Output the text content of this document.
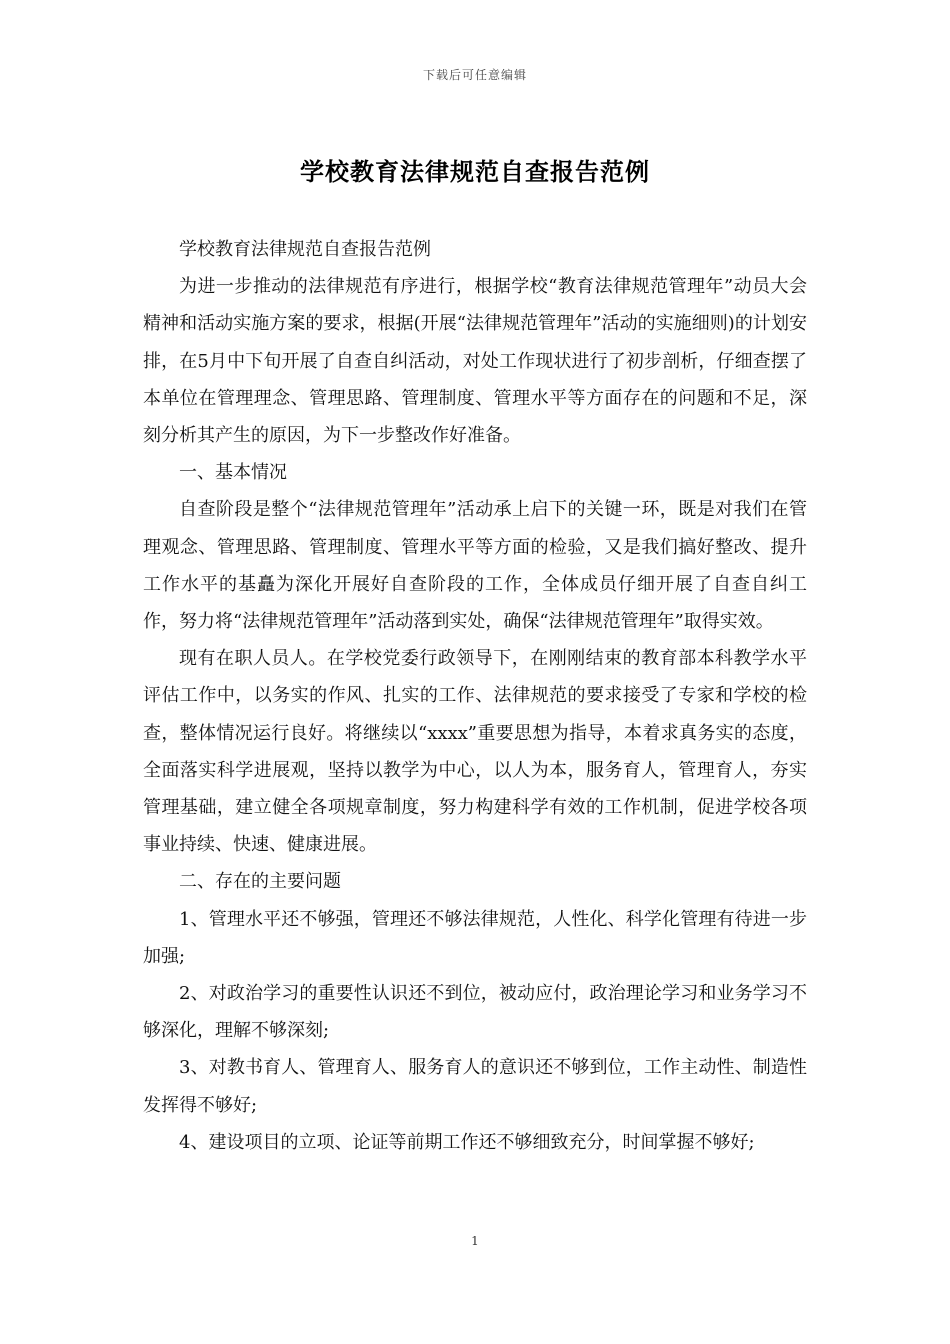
下载后可任意编辑
学校教育法律规范自查报告范例

学校教育法律规范自查报告范例

为进一步推动的法律规范有序进行，根据学校“教育法律规范管理年”动员大会精神和活动实施方案的要求，根据(开展“法律规范管理年”活动的实施细则)的计划安排，在5月中下旬开展了自查自纠活动，对处工作现状进行了初步剖析，仔细查摆了本单位在管理理念、管理思路、管理制度、管理水平等方面存在的问题和不足，深刻分析其产生的原因，为下一步整改作好准备。

一、基本情况

自查阶段是整个“法律规范管理年”活动承上启下的关键一环，既是对我们在管理观念、管理思路、管理制度、管理水平等方面的检验，又是我们搞好整改、提升工作水平的基矗为深化开展好自查阶段的工作，全体成员仔细开展了自查自纠工作，努力将“法律规范管理年”活动落到实处，确保“法律规范管理年”取得实效。

现有在职人员人。在学校党委行政领导下，在刚刚结束的教育部本科教学水平评估工作中，以务实的作风、扎实的工作、法律规范的要求接受了专家和学校的检查，整体情况运行良好。将继续以“xxxx”重要思想为指导，本着求真务实的态度，全面落实科学进展观，坚持以教学为中心，以人为本，服务育人，管理育人，夯实管理基础，建立健全各项规章制度，努力构建科学有效的工作机制，促进学校各项事业持续、快速、健康进展。

二、存在的主要问题

1、管理水平还不够强，管理还不够法律规范，人性化、科学化管理有待进一步加强;

2、对政治学习的重要性认识还不到位，被动应付，政治理论学习和业务学习不够深化，理解不够深刻;

3、对教书育人、管理育人、服务育人的意识还不够到位，工作主动性、制造性发挥得不够好;

4、建设项目的立项、论证等前期工作还不够细致充分，时间掌握不够好;

1
